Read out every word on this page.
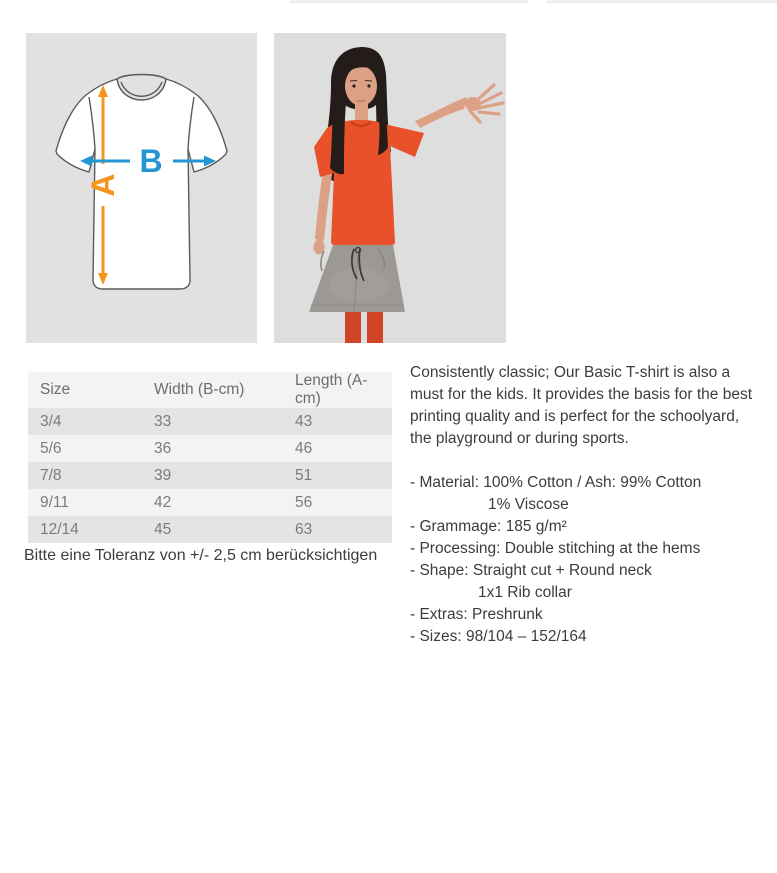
A
B
Size	Width (B-cm)	Length (A-cm)
3/4	33	43
5/6	36	46
7/8	39	51
9/11	42	56
12/14	45	63
Bitte eine Toleranz von +/- 2,5 cm berücksichtigen

Consistently classic; Our Basic T-shirt is also a must for the kids. It provides the basis for the best printing quality and is perfect for the schoolyard, the playground or during sports.

- Material: 100% Cotton / Ash: 99% Cotton
1% Viscose
- Grammage: 185 g/m²
- Processing: Double stitching at the hems
- Shape: Straight cut + Round neck
1x1 Rib collar
- Extras: Preshrunk
- Sizes: 98/104 – 152/164
